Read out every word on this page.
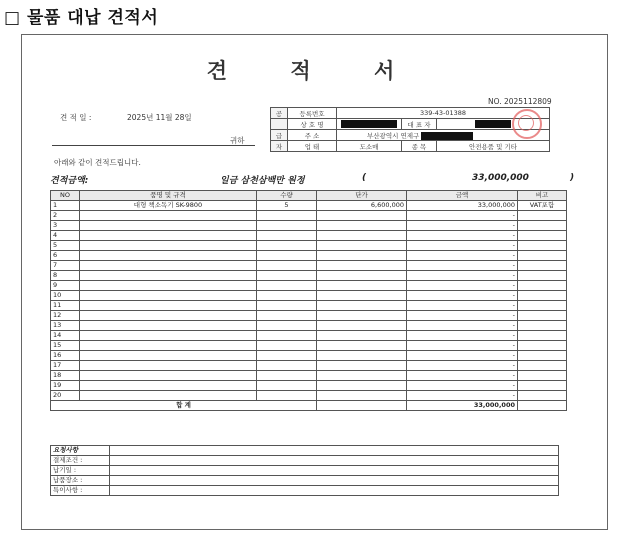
□ 물품 대납 견적서
견 적 서
NO. 2025112809
견 적 일 :	2025년 11월 28일
귀하
아래와 같이 견적드립니다.
공	등록번호	339-43-01388		
	상 호 명		대 표 자	
급	주 소	부산광역시 연제구		
자	업 태	도소매	종 목	안전용품 및 기타
견적금액:	일금 삼천삼백만 원정	(	33,000,000	)
NO	품명 및 규격	수량	단가	금액	비고
1	대형 책소독기 SK-9800	5	6,600,000	33,000,000	VAT포함
2				-	
3				-	
4				-	
5				-	
6				-	
7				-	
8				-	
9				-	
10				-	
11				-	
12				-	
13				-	
14				-	
15				-	
16				-	
17				-	
18				-	
19				-	
20				-	
합 계				33,000,000	
요청사항	
결제조건 :	
납기일 :	
납품장소 :	
특이사항 :	
